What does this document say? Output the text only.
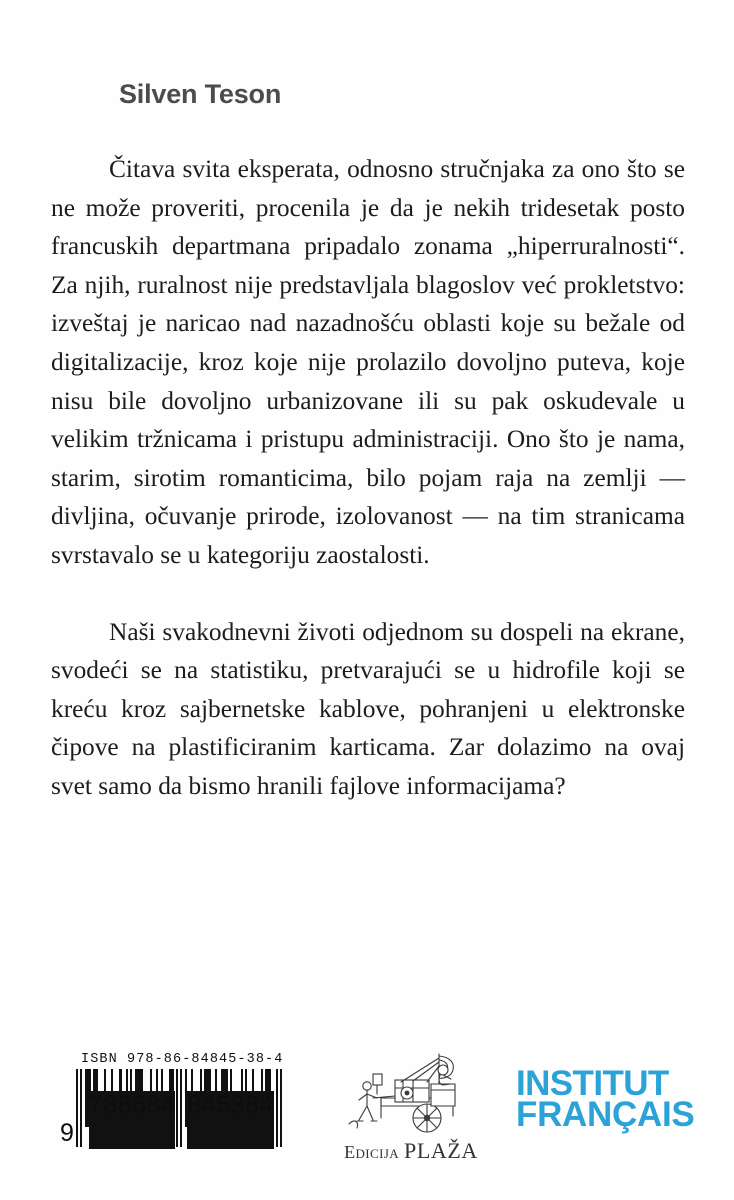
Silven Teson

Čitava svita eksperata, odnosno stručnjaka za ono što se ne može proveriti, procenila je da je nekih tridesetak posto francuskih departmana pripadalo zonama „hiperruralnosti“. Za njih, ruralnost nije predstavljala blagoslov već prokletstvo: izveštaj je naricao nad nazadnošću oblasti koje su bežale od digitalizacije, kroz koje nije prolazilo dovoljno puteva, koje nisu bile dovoljno urbanizovane ili su pak oskudevale u velikim tržnicama i pristupu administraciji. Ono što je nama, starim, sirotim romanticima, bilo pojam raja na zemlji — divljina, očuvanje prirode, izolovanost — na tim stranicama svrstavalo se u kategoriju zaostalosti.

Naši svakodnevni životi odjednom su dospeli na ekrane, svodeći se na statistiku, pretvarajući se u hidrofile koji se kreću kroz sajbernetske kablove, pohranjeni u elektronske čipove na plastificiranim karticama. Zar dolazimo na ovaj svet samo da bismo hranili fajlove informacijama?

ISBN 978-86-84845-38-4
9
788684 845384
Edicija PLAŽA
INSTITUT
FRANÇAIS
